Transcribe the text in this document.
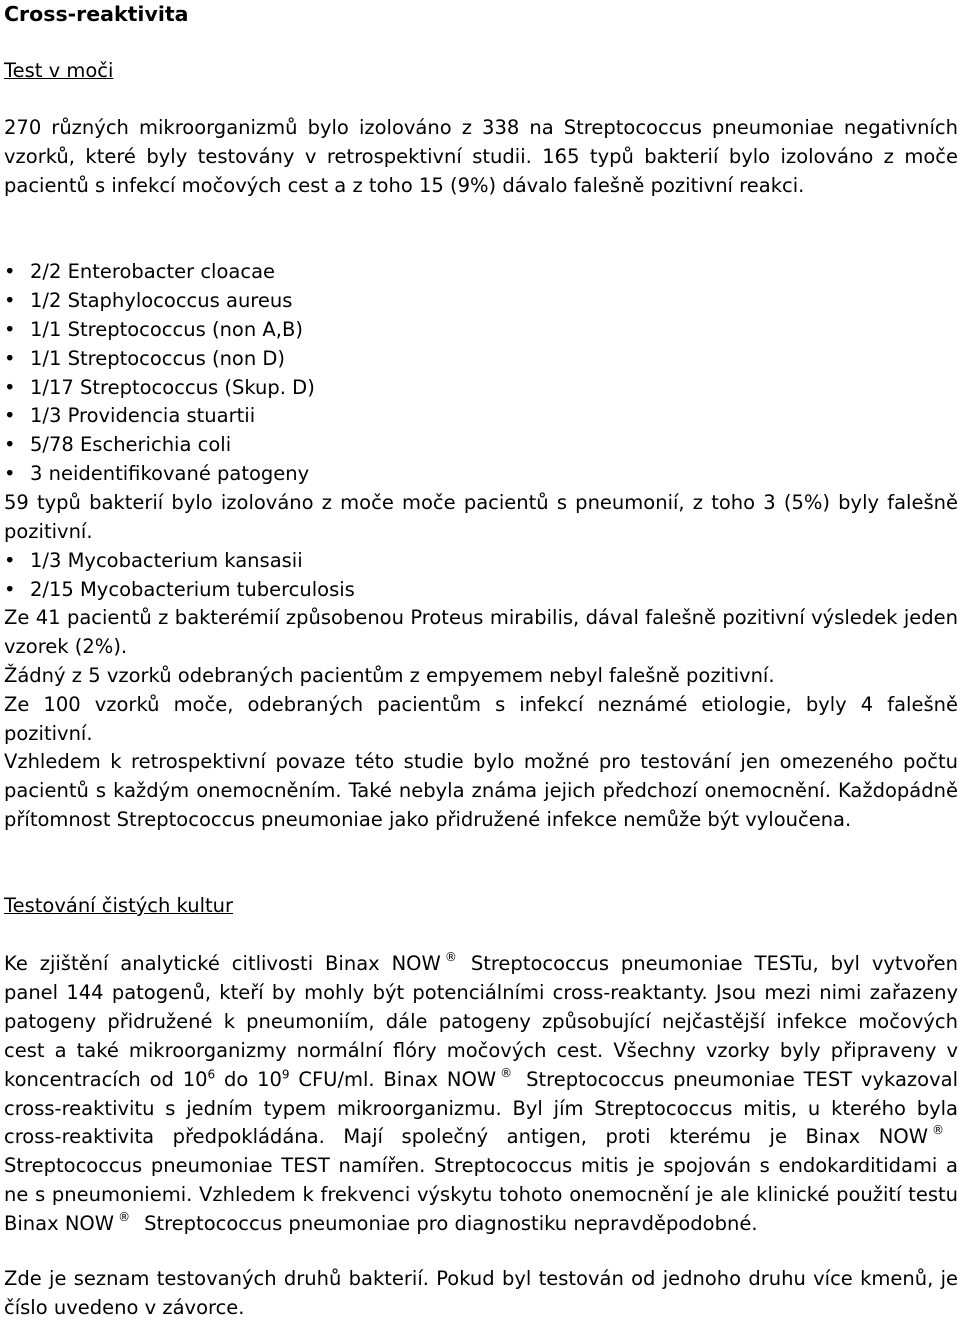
Cross-reaktivita
Test v moči

270 různých mikroorganizmů bylo izolováno z 338 na Streptococcus pneumoniae negativních vzorků, které byly testovány v retrospektivní studii. 165 typů bakterií bylo izolováno z moče pacientů s infekcí močových cest a z toho 15 (9%) dávalo falešně pozitivní reakci.

• 2/2 Enterobacter cloacae
• 1/2 Staphylococcus aureus
• 1/1 Streptococcus (non A,B)
• 1/1 Streptococcus (non D)
• 1/17 Streptococcus (Skup. D)
• 1/3 Providencia stuartii
• 5/78 Escherichia coli
• 3 neidentifikované patogeny

59 typů bakterií bylo izolováno z moče moče pacientů s pneumonií, z toho 3 (5%) byly falešně pozitivní.

• 1/3 Mycobacterium kansasii
• 2/15 Mycobacterium tuberculosis

Ze 41 pacientů z bakterémií způsobenou Proteus mirabilis, dával falešně pozitivní výsledek jeden vzorek (2%).

Žádný z 5 vzorků odebraných pacientům z empyemem nebyl falešně pozitivní.

Ze 100 vzorků moče, odebraných pacientům s infekcí neznámé etiologie, byly 4 falešně pozitivní.

Vzhledem k retrospektivní povaze této studie bylo možné pro testování jen omezeného počtu pacientů s každým onemocněním. Také nebyla známa jejich předchozí onemocnění. Každopádně přítomnost Streptococcus pneumoniae jako přidružené infekce nemůže být vyloučena.

Testování čistých kultur

Ke zjištění analytické citlivosti Binax NOW ® Streptococcus pneumoniae TESTu, byl vytvořen panel 144 patogenů, kteří by mohly být potenciálními cross-reaktanty. Jsou mezi nimi zařazeny patogeny přidružené k pneumoniím, dále patogeny způsobující nejčastější infekce močových cest a také mikroorganizmy normální flóry močových cest. Všechny vzorky byly připraveny v koncentracích od $10^6$ do $10^9$ CFU/ml. Binax NOW ® Streptococcus pneumoniae TEST vykazoval cross-reaktivitu s jedním typem mikroorganizmu. Byl jím Streptococcus mitis, u kterého byla cross-reaktivita předpokládána. Mají společný antigen, proti kterému je Binax NOW ®Streptococcus pneumoniae TEST namířen. Streptococcus mitis je spojován s endokarditidami a ne s pneumoniemi. Vzhledem k frekvenci výskytu tohoto onemocnění je ale klinické použití testu Binax NOW ® Streptococcus pneumoniae pro diagnostiku nepravděpodobné.

Zde je seznam testovaných druhů bakterií. Pokud byl testován od jednoho druhu více kmenů, je číslo uvedeno v závorce.
